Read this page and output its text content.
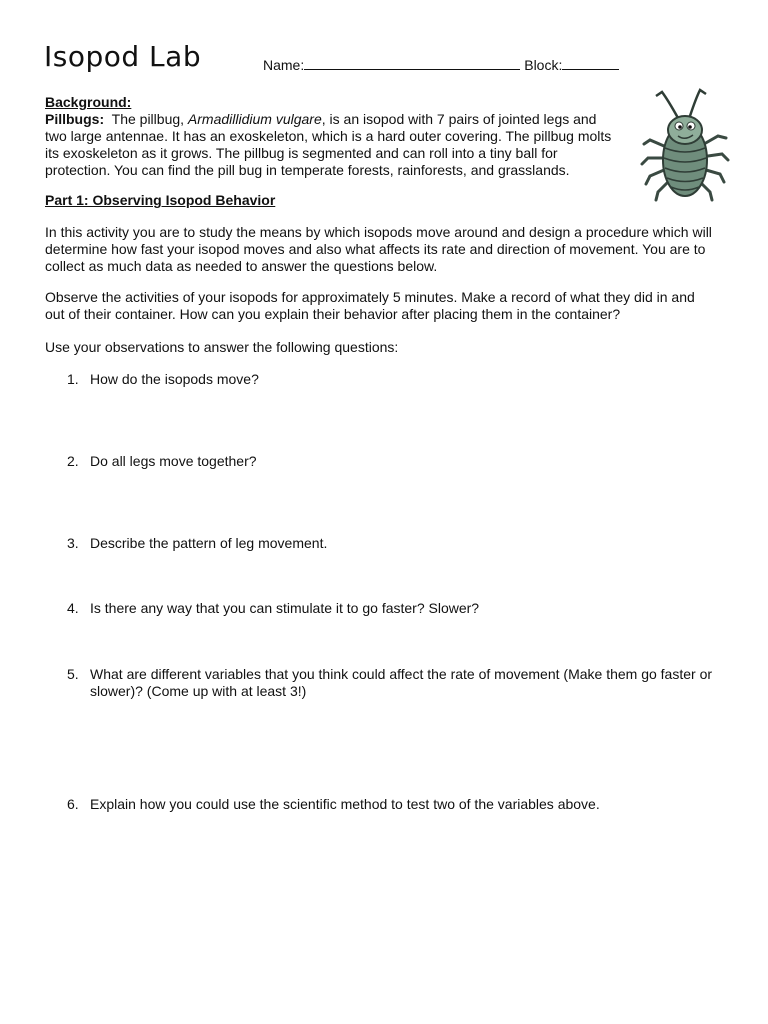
Isopod Lab	Name:	Block:
Background:
Pillbugs:  The pillbug, Armadillidium vulgare, is an isopod with 7 pairs of jointed legs and two large antennae. It has an exoskeleton, which is a hard outer covering. The pillbug molts its exoskeleton as it grows. The pillbug is segmented and can roll into a tiny ball for protection. You can find the pill bug in temperate forests, rainforests, and grasslands.
Part 1: Observing Isopod Behavior
In this activity you are to study the means by which isopods move around and design a procedure which will determine how fast your isopod moves and also what affects its rate and direction of movement. You are to collect as much data as needed to answer the questions below.
Observe the activities of your isopods for approximately 5 minutes. Make a record of what they did in and out of their container. How can you explain their behavior after placing them in the container?
Use your observations to answer the following questions:
1. How do the isopods move?
2. Do all legs move together?
3. Describe the pattern of leg movement.
4. Is there any way that you can stimulate it to go faster? Slower?
5. What are different variables that you think could affect the rate of movement (Make them go faster or slower)? (Come up with at least 3!)
6. Explain how you could use the scientific method to test two of the variables above.
